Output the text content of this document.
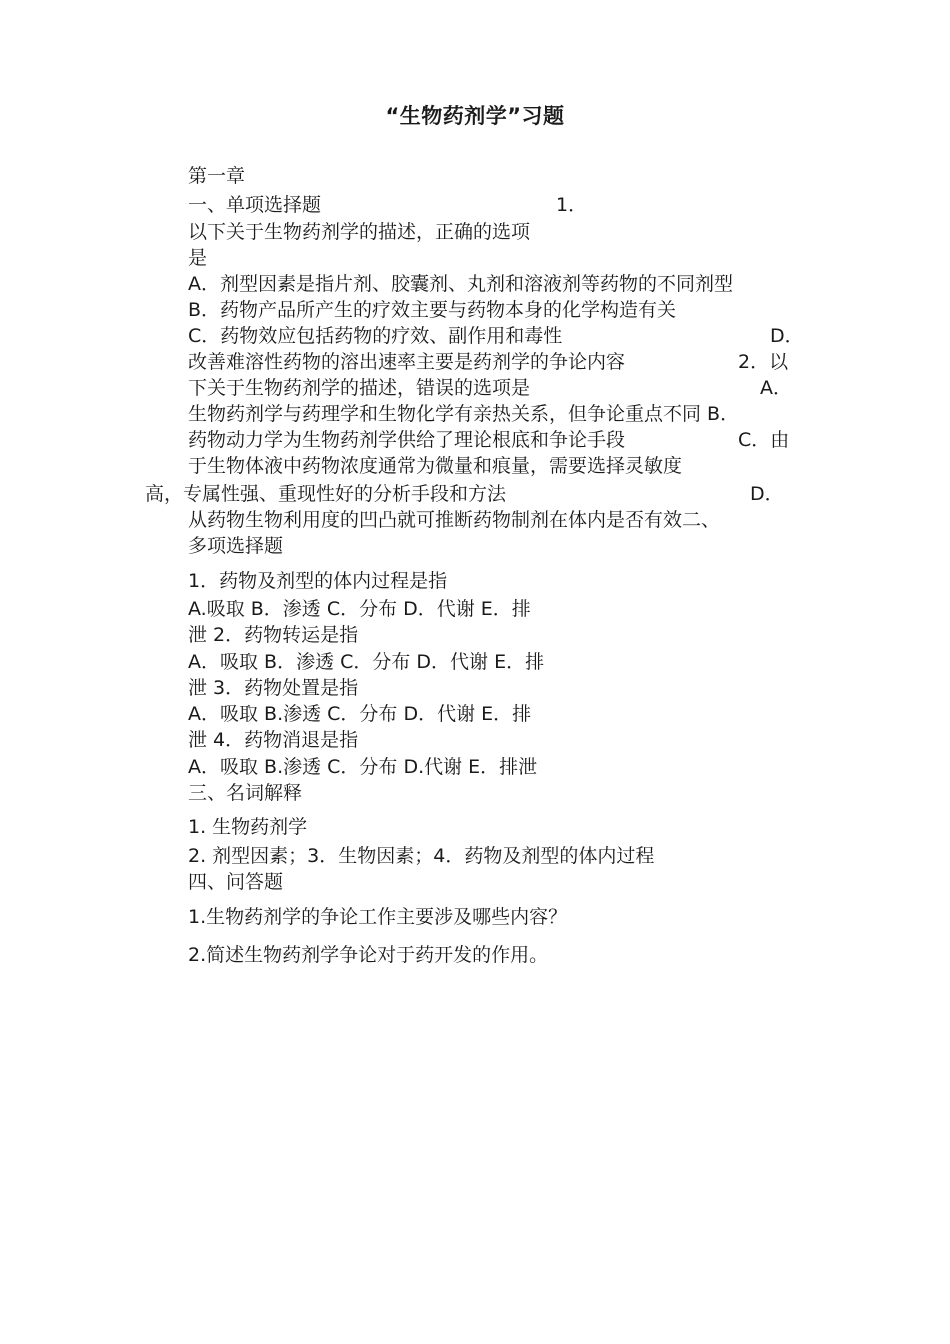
“生物药剂学”习题
第一章
一、单项选择题	1．
以下关于生物药剂学的描述，正确的选项
是
A．剂型因素是指片剂、胶囊剂、丸剂和溶液剂等药物的不同剂型
B．药物产品所产生的疗效主要与药物本身的化学构造有关
C．药物效应包括药物的疗效、副作用和毒性	D．
改善难溶性药物的溶出速率主要是药剂学的争论内容	2．以
下关于生物药剂学的描述，错误的选项是	A．
生物药剂学与药理学和生物化学有亲热关系，但争论重点不同 B．
药物动力学为生物药剂学供给了理论根底和争论手段	C．由
于生物体液中药物浓度通常为微量和痕量，需要选择灵敏度
高，专属性强、重现性好的分析手段和方法	D．
从药物生物利用度的凹凸就可推断药物制剂在体内是否有效二、
多项选择题
1．药物及剂型的体内过程是指
A.吸取 B．渗透 C．分布 D．代谢 E．排
泄 2．药物转运是指
A．吸取 B．渗透 C．分布 D．代谢 E．排
泄 3．药物处置是指
A．吸取 B.渗透 C．分布 D．代谢 E．排
泄 4．药物消退是指
A．吸取 B.渗透 C．分布 D.代谢 E．排泄
三、名词解释
1. 生物药剂学
2. 剂型因素；3．生物因素；4．药物及剂型的体内过程
四、问答题
1.生物药剂学的争论工作主要涉及哪些内容？
2.简述生物药剂学争论对于药开发的作用。
